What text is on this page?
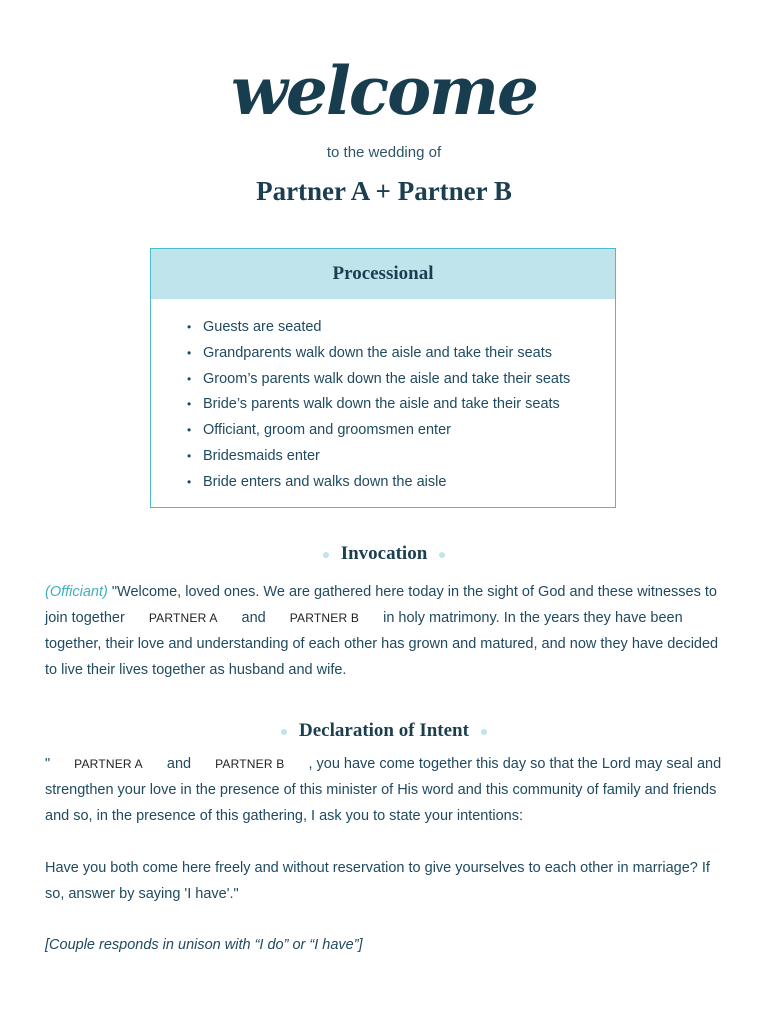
welcome
to the wedding of
Partner A + Partner B
Processional
• Guests are seated
• Grandparents walk down the aisle and take their seats
• Groom’s parents walk down the aisle and take their seats
• Bride’s parents walk down the aisle and take their seats
• Officiant, groom and groomsmen enter
• Bridesmaids enter
• Bride enters and walks down the aisle
Invocation
(Officiant) "Welcome, loved ones. We are gathered here today in the sight of God and these witnesses to join together PARTNER A and PARTNER B in holy matrimony. In the years they have been together, their love and understanding of each other has grown and matured, and now they have decided to live their lives together as husband and wife.
Declaration of Intent
" PARTNER A and PARTNER B , you have come together this day so that the Lord may seal and strengthen your love in the presence of this minister of His word and this community of family and friends and so, in the presence of this gathering, I ask you to state your intentions:
Have you both come here freely and without reservation to give yourselves to each other in marriage? If so, answer by saying 'I have'."
[Couple responds in unison with “I do” or “I have”]
